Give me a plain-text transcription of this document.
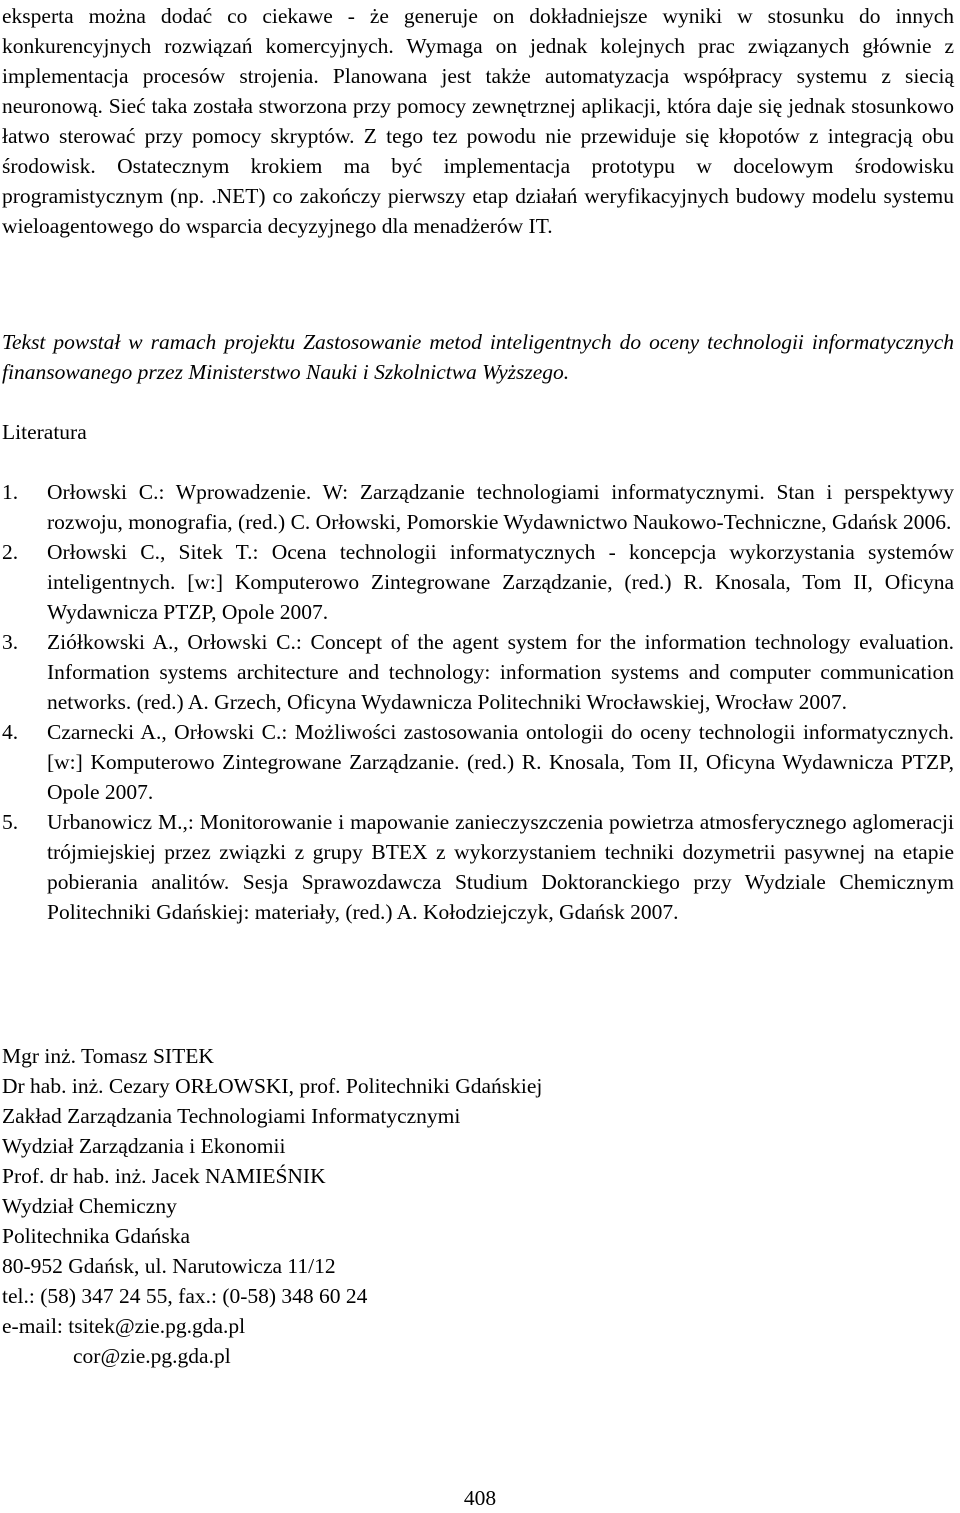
eksperta można dodać co ciekawe - że generuje on dokładniejsze wyniki w stosunku do innych konkurencyjnych rozwiązań komercyjnych. Wymaga on jednak kolejnych prac związanych głównie z implementacja procesów strojenia. Planowana jest także automatyzacja współpracy systemu z siecią neuronową. Sieć taka została stworzona przy pomocy zewnętrznej aplikacji, która daje się jednak stosunkowo łatwo sterować przy pomocy skryptów. Z tego tez powodu nie przewiduje się kłopotów z integracją obu środowisk. Ostatecznym krokiem ma być implementacja prototypu w docelowym środowisku programistycznym (np. .NET) co zakończy pierwszy etap działań weryfikacyjnych budowy modelu systemu wieloagentowego do wsparcia decyzyjnego dla menadżerów IT.

Tekst powstał w ramach projektu Zastosowanie metod inteligentnych do oceny technologii informatycznych finansowanego przez Ministerstwo Nauki i Szkolnictwa Wyższego.

Literatura
1. Orłowski C.: Wprowadzenie. W: Zarządzanie technologiami informatycznymi. Stan i perspektywy rozwoju, monografia, (red.) C. Orłowski, Pomorskie Wydawnictwo Naukowo-Techniczne, Gdańsk 2006.
2. Orłowski C., Sitek T.: Ocena technologii informatycznych - koncepcja wykorzystania systemów inteligentnych. [w:] Komputerowo Zintegrowane Zarządzanie, (red.) R. Knosala, Tom II, Oficyna Wydawnicza PTZP, Opole 2007.
3. Ziółkowski A., Orłowski C.: Concept of the agent system for the information technology evaluation. Information systems architecture and technology: information systems and computer communication networks. (red.) A. Grzech, Oficyna Wydawnicza Politechniki Wrocławskiej, Wrocław 2007.
4. Czarnecki A., Orłowski C.: Możliwości zastosowania ontologii do oceny technologii informatycznych. [w:] Komputerowo Zintegrowane Zarządzanie. (red.) R. Knosala, Tom II, Oficyna Wydawnicza PTZP, Opole 2007.
5. Urbanowicz M.,: Monitorowanie i mapowanie zanieczyszczenia powietrza atmosferycznego aglomeracji trójmiejskiej przez związki z grupy BTEX z wykorzystaniem techniki dozymetrii pasywnej na etapie pobierania analitów. Sesja Sprawozdawcza Studium Doktoranckiego przy Wydziale Chemicznym Politechniki Gdańskiej: materiały, (red.) A. Kołodziejczyk, Gdańsk 2007.
Mgr inż. Tomasz SITEK
Dr hab. inż. Cezary ORŁOWSKI, prof. Politechniki Gdańskiej
Zakład Zarządzania Technologiami Informatycznymi
Wydział Zarządzania i Ekonomii
Prof. dr hab. inż. Jacek NAMIEŚNIK
Wydział Chemiczny
Politechnika Gdańska
80-952 Gdańsk, ul. Narutowicza 11/12
tel.: (58) 347 24 55, fax.: (0-58) 348 60 24
e-mail: tsitek@zie.pg.gda.pl
cor@zie.pg.gda.pl
408
